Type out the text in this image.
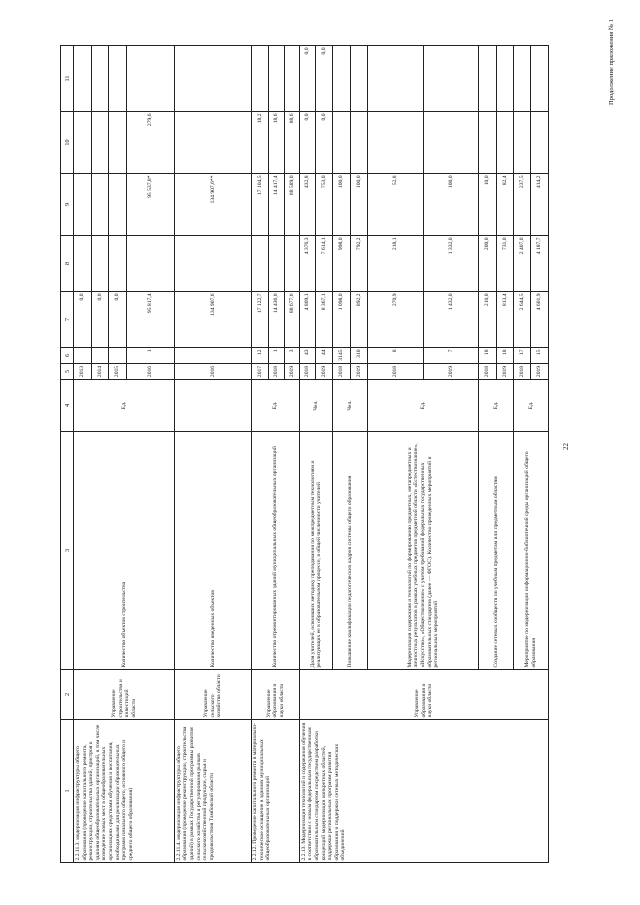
22
Продолжение приложения № 1
1	2	3	4	5	6	7	8	9	10	11
2.2.11.3. модернизация инфраструктуры общего образования (проведение капитального ремонта, реконструкции, строительства зданий, пристроя к зданиям общеобразовательных организаций, в том числе возведение новых мест в общеобразовательных организациях средствами обучения и воспитания, необходимыми для реализации образовательных программ начального общего, основного общего и среднего общего образования)	Управление строительства и инвестиций области	Количество объектов строительства	Ед.	2013		0,0				
				2014		0,0				
				2015		0,0				
				2016	1	95 817,4		95 537,8*	279,6	
2.2.11.4. модернизация инфраструктуры общего образования (проведение реконструкции, строительства зданий) в рамках Государственной программы развития сельского хозяйства и регулирования рынков сельскохозяйственной продукции, сырья и продовольствия Тамбовской области	Управление сельского хозяйства области	Количество введенных объектов		2016		134 907,6		134 907,6**		
2.2.12. Проведение капитального ремонта в материально-техническое оснащение в зданиях муниципальных общеобразовательных организаций	Управление образования и науки области	Количество отремонтированных зданий муниципальных общеобразовательных организаций	Ед.	2017	12	17 122,7		17 104,5	18,2	
				2018	1	14 436,0		14 417,4	18,6	
				2019	3	88 677,6		88 589,0	88,6	
2.2.13. Модернизация технологий и содержания обучения в соответствии с новым федеральным государственным образовательным стандартом посредством разработки концепций модернизации конкретных областей, поддержки региональных программ развития образования и поддержки сетевых методических объединений	Управление образования и науки области	Доля учителей, освоивших методику преподавания по межпредметным технологиям и реализующих ее в образовательном процессе, в общей численности учителей	Чел.	2018	43	4 809,1	4 376,3	432,8	0,0	0,0
				2019	44	8 367,1	7 614,1	753,0	0,0	0,0
		Повышение квалификации педагогических кадров системы общего образования	Чел.	2018	3145	1 098,0	998,0	100,0		
				2019	310	892,2	792,2	100,0		
		Модернизация содержания и технологий по формированию предметных, метапредметных и личностных результатов в рамках учебных предметов предметной области «Естествознание», «Искусство», «Обществознание» с учетом требований федеральных государственных образовательных стандартов (далее — ФГОС). Количество проведенных мероприятий и региональных мероприятий	Ед.	2018	8	270,9	218,1	52,8		
				2019	7	1 432,0	1 332,0	100,0		
		Создание сетевых сообществ по учебным предметам или предметным областям	Ед.	2018	18	210,0	200,0	10,0		
				2019	18	813,4	731,0	82,4		
		Мероприятие по модернизации информационно-библиотечной среды организаций общего образования	Ед.	2018	17	2 644,5	2 407,0	237,5		
				2019	15	4 601,9	4 187,7	414,2		
